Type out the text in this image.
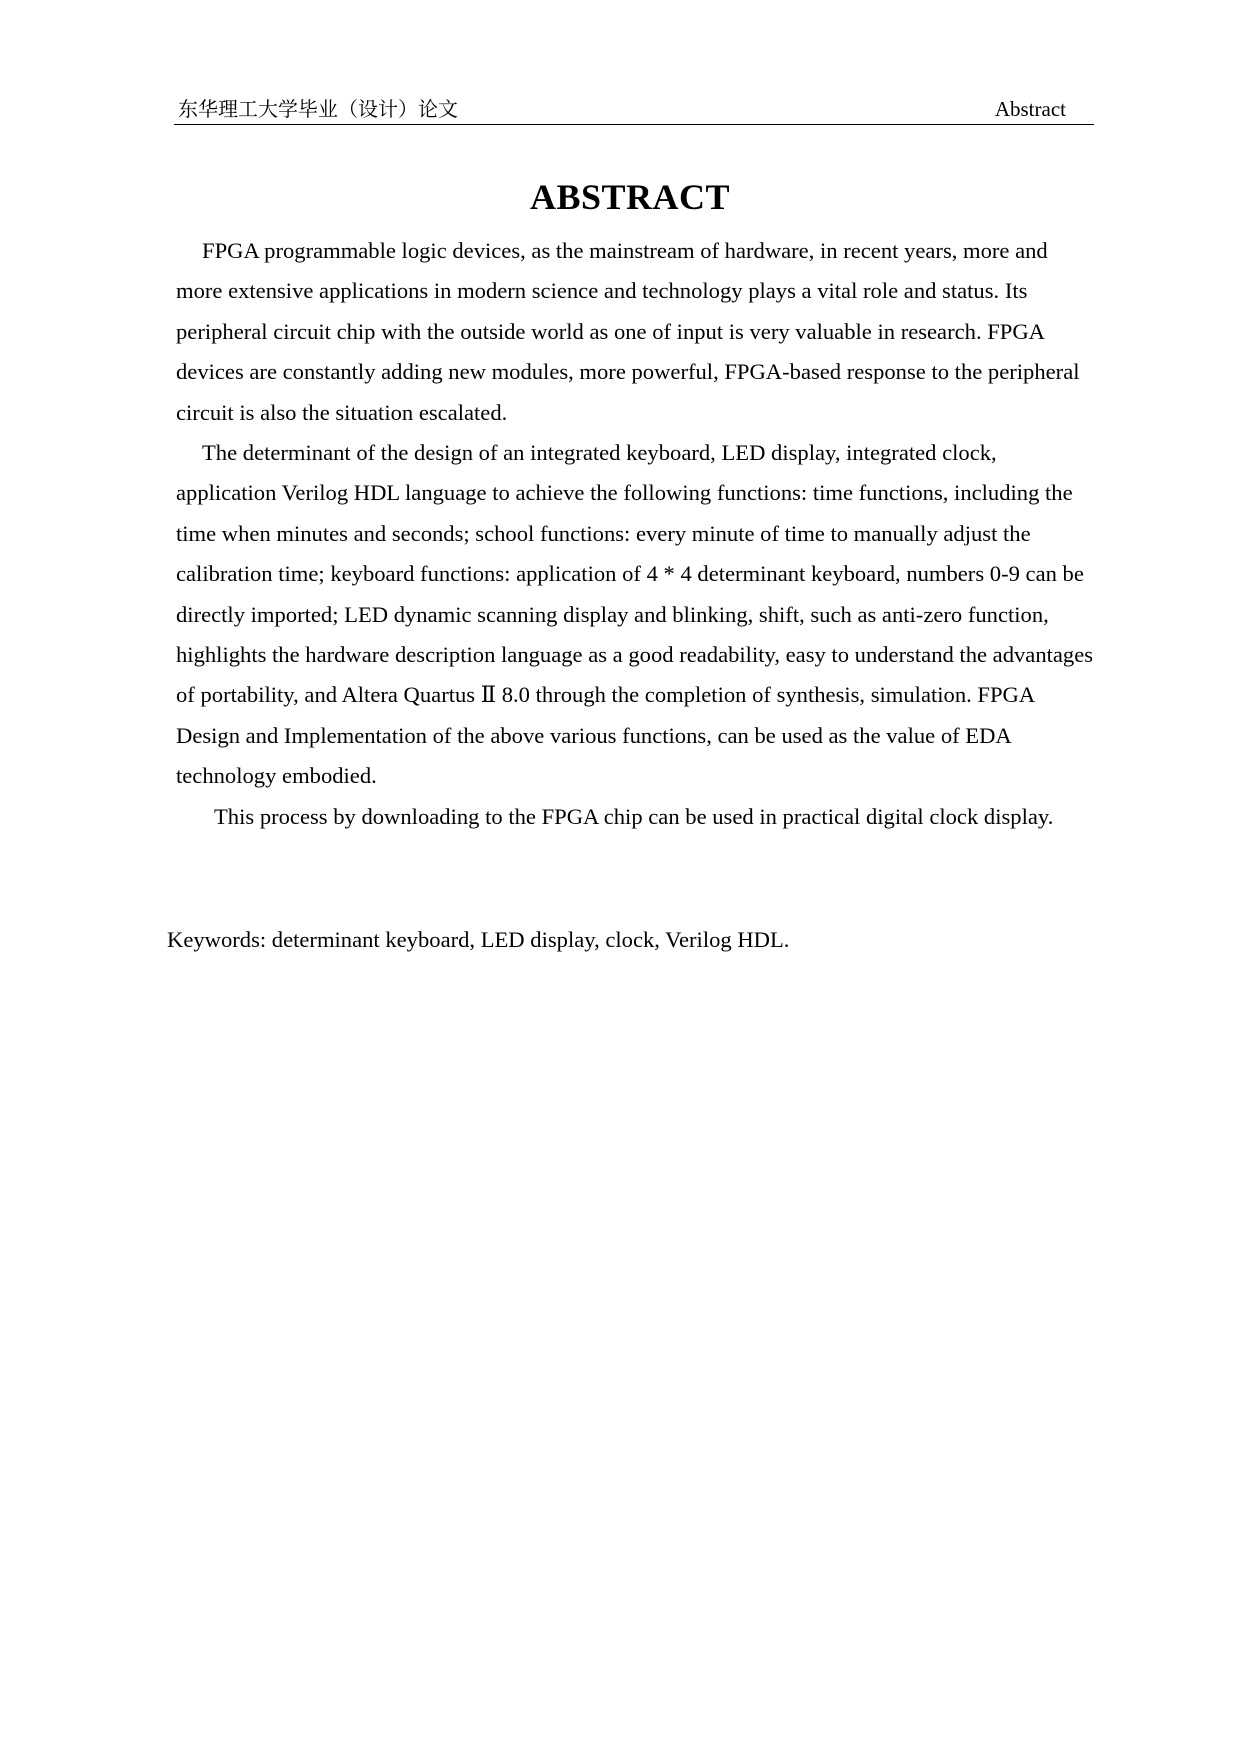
东华理工大学毕业（设计）论文	Abstract
ABSTRACT

FPGA programmable logic devices, as the mainstream of hardware, in recent years, more and more extensive applications in modern science and technology plays a vital role and status. Its peripheral circuit chip with the outside world as one of input is very valuable in research. FPGA devices are constantly adding new modules, more powerful, FPGA-based response to the peripheral circuit is also the situation escalated.

The determinant of the design of an integrated keyboard, LED display, integrated clock, application Verilog HDL language to achieve the following functions: time functions, including the time when minutes and seconds; school functions: every minute of time to manually adjust the calibration time; keyboard functions: application of 4 * 4 determinant keyboard, numbers 0-9 can be directly imported; LED dynamic scanning display and blinking, shift, such as anti-zero function, highlights the hardware description language as a good readability, easy to understand the advantages of portability, and Altera Quartus Ⅱ 8.0 through the completion of synthesis, simulation. FPGA Design and Implementation of the above various functions, can be used as the value of EDA technology embodied.

This process by downloading to the FPGA chip can be used in practical digital clock display.

Keywords: determinant keyboard, LED display, clock, Verilog HDL.
